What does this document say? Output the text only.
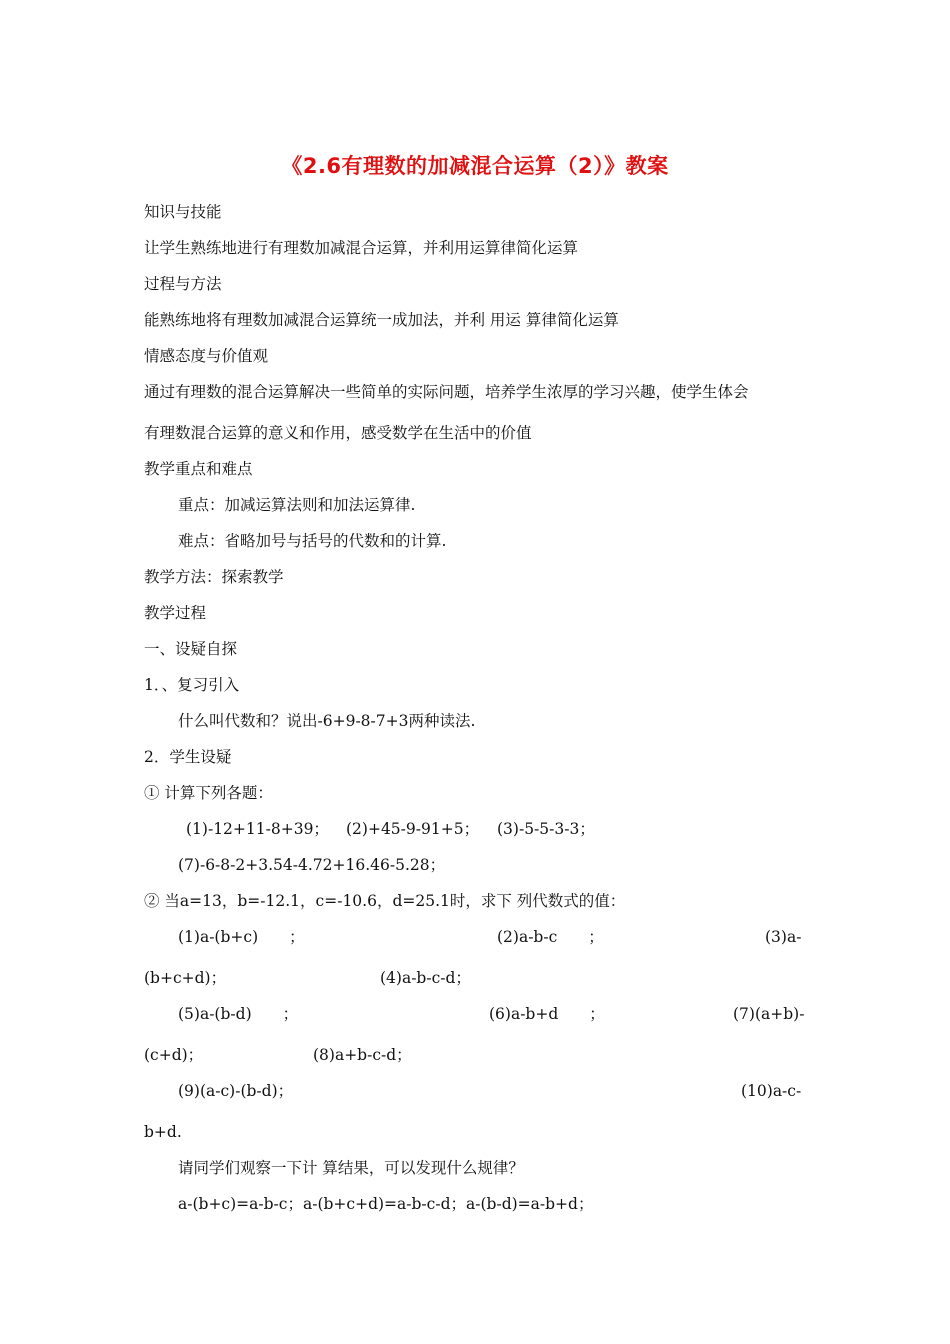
《2.6有理数的加减混合运算（2）》教案
知识与技能
让学生熟练地进行有理数加减混合运算，并利用运算律简化运算
过程与方法
能熟练地将有理数加减混合运算统一成加法，并利 用运 算律简化运算
情感态度与价值观
通过有理数的混合运算解决一些简单的实际问题，培养学生浓厚的学习兴趣，使学生体会
有理数混合运算的意义和作用，感受数学在生活中的价值
教学重点和难点
重点：加减运算法则和加法运算律.
难点：省略加号与括号的代数和的计算.
教学方法：探索教学
教学过程
一、设疑自探
1．、复习引入
什么叫代数和？说出-6+9-8-7+3两种读法.
2．学生设疑
① 计算下列各题：
(1)-12+11-8+39； (2)+45-9-91+5； (3)-5-5-3-3；
(7)-6-8-2+3.54-4.72+16.46-5.28；
② 当a=13，b=-12.1，c=-10.6，d=25.1时，求下 列代数式的值：
(1)a-(b+c)　　；	(2)a-b-c　　；	(3)a-
(b+c+d)；	(4)a-b-c-d；
(5)a-(b-d)　　；	(6)a-b+d　　；	(7)(a+b)-
(c+d)；	(8)a+b-c-d；
(9)(a-c)-(b-d)；	(10)a-c-
b+d.
请同学们观察一下计 算结果，可以发现什么规律？
a-(b+c)=a-b-c；a-(b+c+d)=a-b-c-d；a-(b-d)=a-b+d；
